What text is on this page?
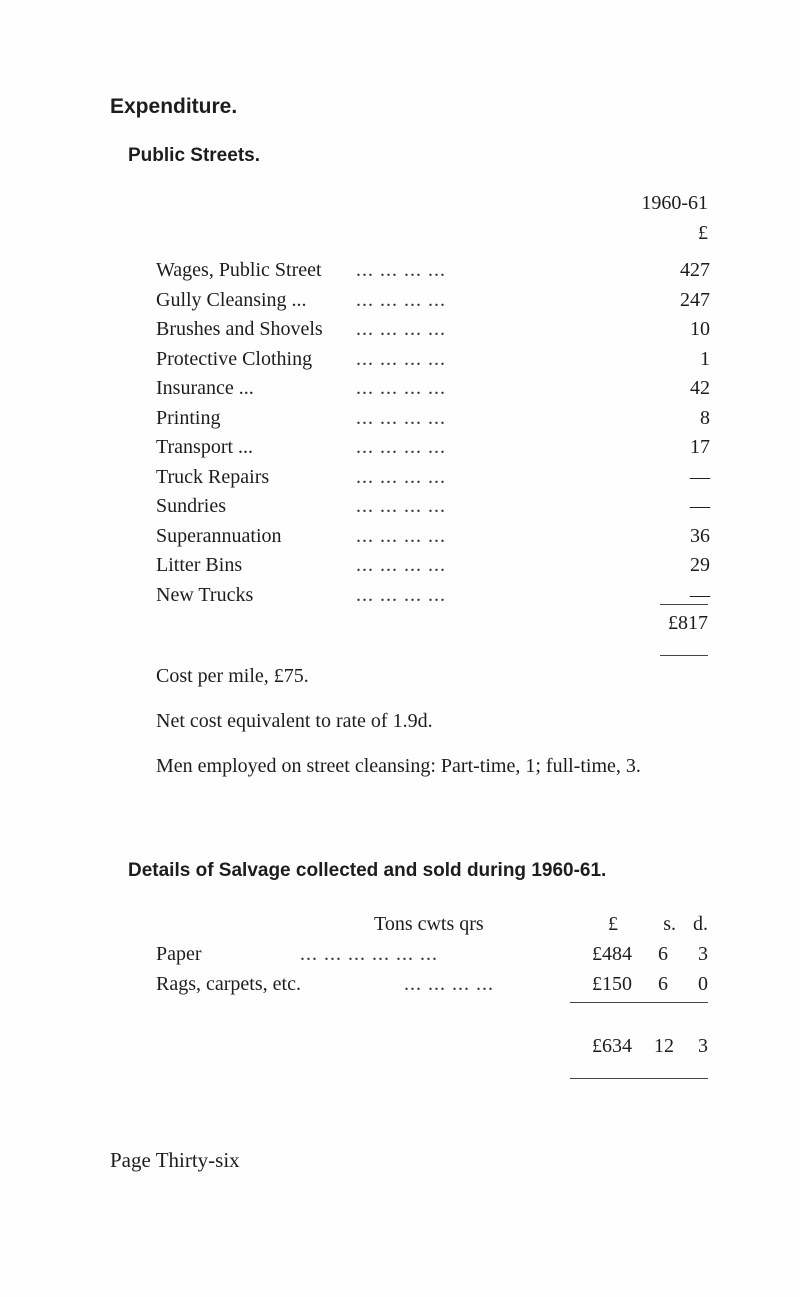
Expenditure.
Public Streets.
1960-61
£
Wages, Public Street ... ... ... ...	427
Gully Cleansing ... ... ... ... ...	247
Brushes and Shovels ... ... ... ...	10
Protective Clothing ... ... ... ...	1
Insurance ...	... ... ... ...	42
Printing	... ... ... ...	8
Transport ...	... ... ... ...	17
Truck Repairs	... ... ... ...	—
Sundries	... ... ... ...	—
Superannuation	... ... ... ...	36
Litter Bins	... ... ... ...	29
New Trucks	... ... ... ...	—
£817
Cost per mile, £75.
Net cost equivalent to rate of 1.9d.
Men employed on street cleansing: Part-time, 1; full-time, 3.
Details of Salvage collected and sold during 1960-61.
Tons cwts qrs	£ s. d.
Paper	... ... ... ... ... ...	£484 6 3
Rags, carpets, etc.	... ... ... ...	£150 6 0
£634 12 3
Page Thirty-six
